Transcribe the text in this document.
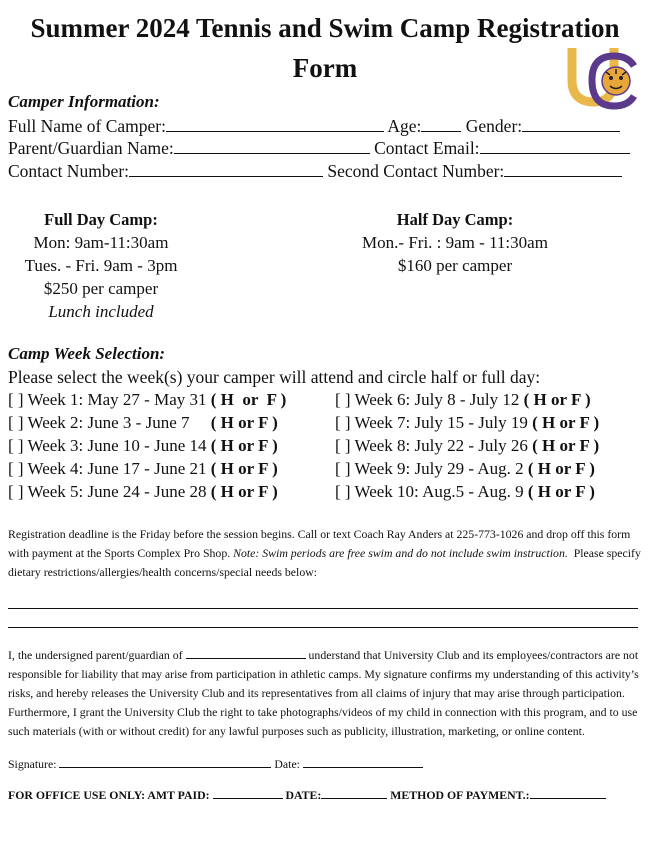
Summer 2024 Tennis and Swim Camp Registration
Form
Camper Information:
Full Name of Camper:	Age:	Gender:
Parent/Guardian Name:	Contact Email:
Contact Number:	Second Contact Number:
Full Day Camp:
Mon: 9am-11:30am
Tues. - Fri. 9am - 3pm
$250 per camper
Lunch included
Half Day Camp:
Mon.- Fri. : 9am - 11:30am
$160 per camper
Camp Week Selection:
Please select the week(s) your camper will attend and circle half or full day:
[ ] Week 1: May 27 - May 31 ( H  or  F )
[ ] Week 2: June 3 - June 7 ( H or F )
[ ] Week 3: June 10 - June 14 ( H or F )
[ ] Week 4: June 17 - June 21 ( H or F )
[ ] Week 5: June 24 - June 28 ( H or F )
[ ] Week 6: July 8 - July 12 ( H or F )
[ ] Week 7: July 15 - July 19 ( H or F )
[ ] Week 8: July 22 - July 26 ( H or F )
[ ] Week 9: July 29 - Aug. 2 ( H or F )
[ ] Week 10: Aug.5 - Aug. 9 ( H or F )
Registration deadline is the Friday before the session begins. Call or text Coach Ray Anders at 225-773-1026 and drop off this form with payment at the Sports Complex Pro Shop. Note: Swim periods are free swim and do not include swim instruction. Please specify dietary restrictions/allergies/health concerns/special needs below:
I, the undersigned parent/guardian of	understand that University Club and its employees/contractors are not responsible for liability that may arise from participation in athletic camps. My signature confirms my understanding of this activity’s risks, and hereby releases the University Club and its representatives from all claims of injury that may arise through participation. Furthermore, I grant the University Club the right to take photographs/videos of my child in connection with this program, and to use such materials (with or without credit) for any lawful purposes such as publicity, illustration, marketing, or online content.
Signature:	Date:
FOR OFFICE USE ONLY: AMT PAID:	DATE:	METHOD OF PAYMENT.:
